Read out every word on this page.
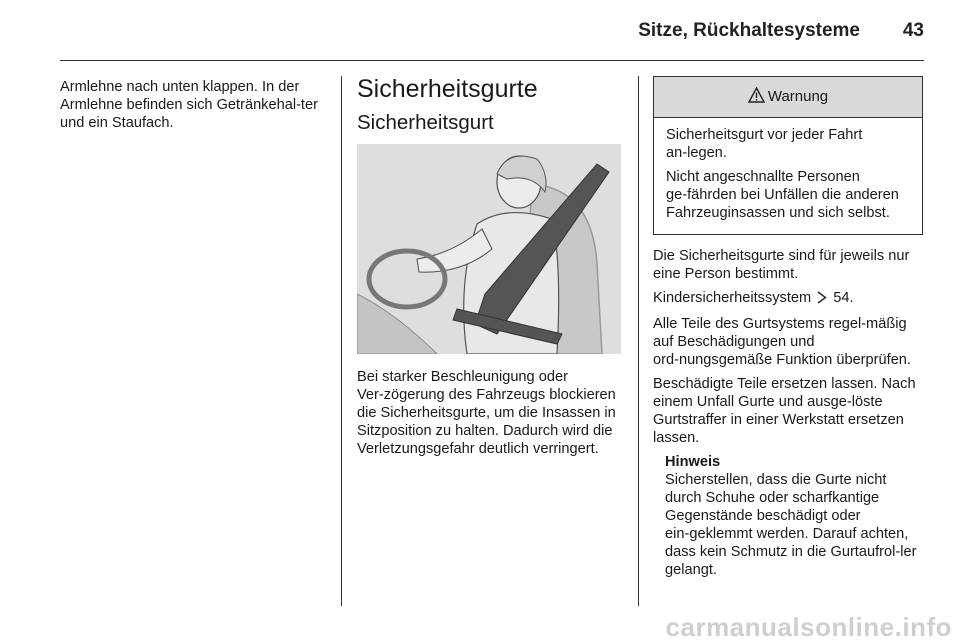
Sitze, Rückhaltesysteme	43

Armlehne nach unten klappen. In der Armlehne befinden sich Getränkehal‑ter und ein Staufach.

Sicherheitsgurte
Sicherheitsgurt

Bei starker Beschleunigung oder Ver‑zögerung des Fahrzeugs blockieren die Sicherheitsgurte, um die Insassen in Sitzposition zu halten. Dadurch wird die Verletzungsgefahr deutlich verringert.

Warnung

Sicherheitsgurt vor jeder Fahrt an‑legen.

Nicht angeschnallte Personen ge‑fährden bei Unfällen die anderen Fahrzeuginsassen und sich selbst.

Die Sicherheitsgurte sind für jeweils nur eine Person bestimmt.

Kindersicherheitssystem 54.

Alle Teile des Gurtsystems regel‑mäßig auf Beschädigungen und ord‑nungsgemäße Funktion überprüfen.

Beschädigte Teile ersetzen lassen. Nach einem Unfall Gurte und ausge‑löste Gurtstraffer in einer Werkstatt ersetzen lassen.

Hinweis
Sicherstellen, dass die Gurte nicht durch Schuhe oder scharfkantige Gegenstände beschädigt oder ein‑geklemmt werden. Darauf achten, dass kein Schmutz in die Gurtaufrol‑ler gelangt.
carmanualsonline.info
